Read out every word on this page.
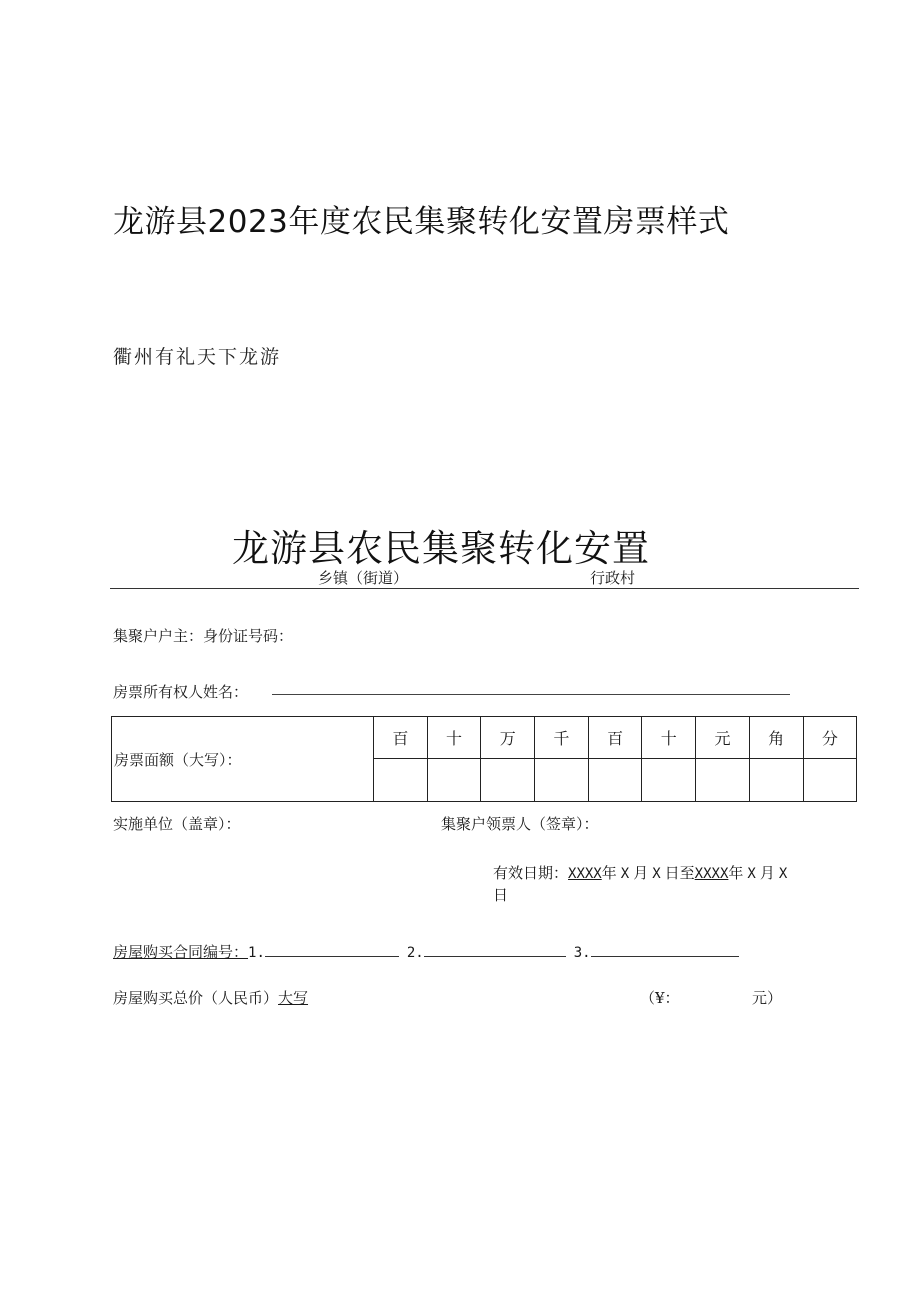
龙游县2023年度农民集聚转化安置房票样式
衢州有礼天下龙游
龙游县农民集聚转化安置
乡镇（街道）	行政村
集聚户户主：身份证号码：
房票所有权人姓名：
房票面额（大写）：	百	十	万	千	百	十	元	角	分

实施单位（盖章）：	集聚户领票人（签章）：
有效日期：XXXX年 X 月 X 日至XXXX年 X 月 X
日
房屋购买合同编号：1.	2.	3.
房屋购买总价（人民币）大写	（¥：	元）
